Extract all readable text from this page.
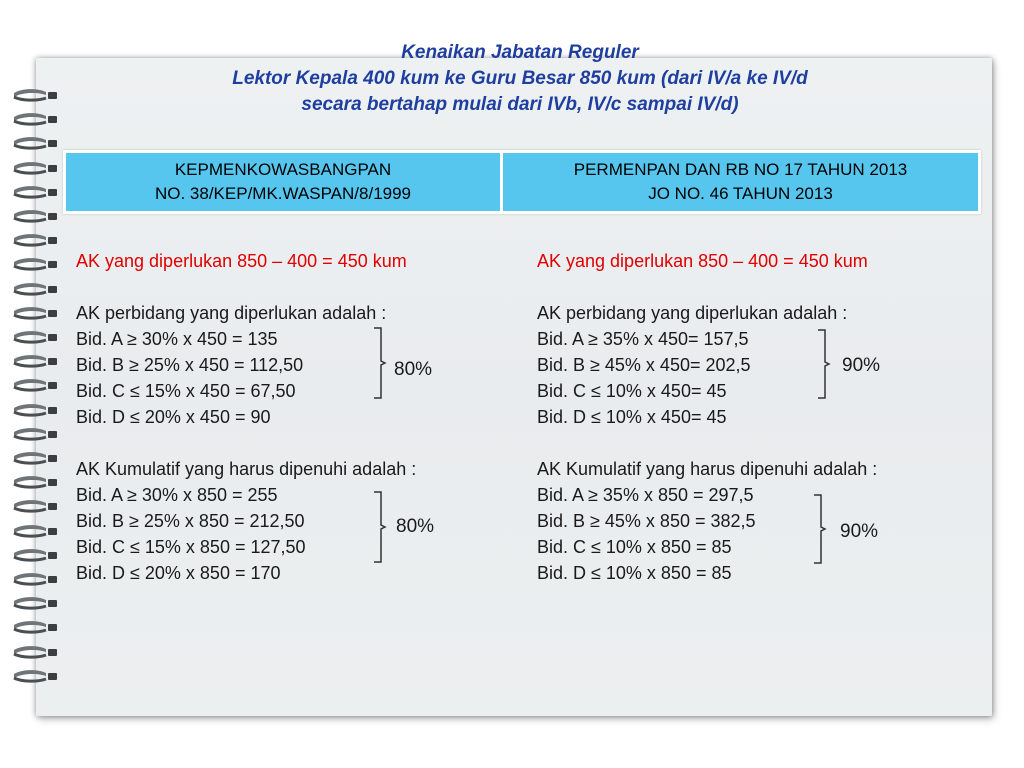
Kenaikan Jabatan Reguler
Lektor Kepala 400 kum ke Guru Besar 850 kum (dari IV/a ke IV/d
secara bertahap mulai dari IVb, IV/c sampai IV/d)
KEPMENKOWASBANGPAN
NO. 38/KEP/MK.WASPAN/8/1999
PERMENPAN DAN RB NO 17 TAHUN 2013
JO NO. 46 TAHUN 2013
AK yang diperlukan 850 – 400 = 450 kum
AK perbidang yang diperlukan adalah :
Bid. A ≥ 30% x 450 = 135
Bid. B ≥ 25% x 450 = 112,50
Bid. C ≤ 15% x 450 = 67,50
Bid. D ≤ 20% x 450 = 90
AK Kumulatif yang harus dipenuhi adalah :
Bid. A ≥ 30% x 850 = 255
Bid. B ≥ 25% x 850 = 212,50
Bid. C ≤ 15% x 850 = 127,50
Bid. D ≤ 20% x 850 = 170
AK yang diperlukan 850 – 400 = 450 kum
AK perbidang yang diperlukan adalah :
Bid. A ≥ 35% x 450= 157,5
Bid. B ≥ 45% x 450= 202,5
Bid. C ≤ 10% x 450= 45
Bid. D ≤ 10% x 450= 45
AK Kumulatif yang harus dipenuhi adalah :
Bid. A ≥ 35% x 850 = 297,5
Bid. B ≥ 45% x 850 = 382,5
Bid. C ≤ 10% x 850 = 85
Bid. D ≤ 10% x 850 = 85
80%
80%
90%
90%
